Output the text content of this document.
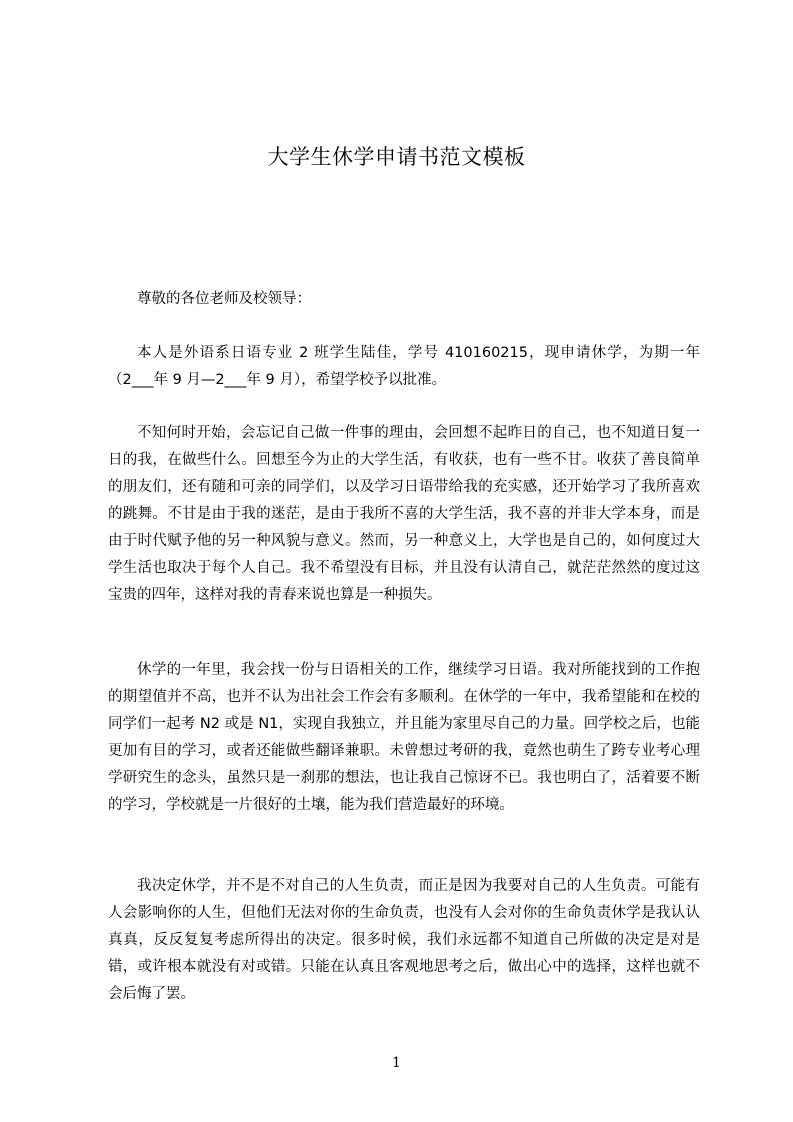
大学生休学申请书范文模板

尊敬的各位老师及校领导：

本人是外语系日语专业 2 班学生陆佳，学号 410160215，现申请休学，为期一年（2___年 9 月—2___年 9 月），希望学校予以批准。

不知何时开始，会忘记自己做一件事的理由，会回想不起昨日的自己，也不知道日复一日的我，在做些什么。回想至今为止的大学生活，有收获，也有一些不甘。收获了善良简单的朋友们，还有随和可亲的同学们，以及学习日语带给我的充实感，还开始学习了我所喜欢的跳舞。不甘是由于我的迷茫，是由于我所不喜的大学生活，我不喜的并非大学本身，而是由于时代赋予他的另一种风貌与意义。然而，另一种意义上，大学也是自己的，如何度过大学生活也取决于每个人自己。我不希望没有目标，并且没有认清自己，就茫茫然然的度过这宝贵的四年，这样对我的青春来说也算是一种损失。

休学的一年里，我会找一份与日语相关的工作，继续学习日语。我对所能找到的工作抱的期望值并不高，也并不认为出社会工作会有多顺利。在休学的一年中，我希望能和在校的同学们一起考 N2 或是 N1，实现自我独立，并且能为家里尽自己的力量。回学校之后，也能更加有目的学习，或者还能做些翻译兼职。未曾想过考研的我，竟然也萌生了跨专业考心理学研究生的念头，虽然只是一刹那的想法，也让我自己惊讶不已。我也明白了，活着要不断的学习，学校就是一片很好的土壤，能为我们营造最好的环境。

我决定休学，并不是不对自己的人生负责，而正是因为我要对自己的人生负责。可能有人会影响你的人生，但他们无法对你的生命负责，也没有人会对你的生命负责休学是我认认真真，反反复复考虑所得出的决定。很多时候，我们永远都不知道自己所做的决定是对是错，或许根本就没有对或错。只能在认真且客观地思考之后，做出心中的选择，这样也就不会后悔了罢。

1
